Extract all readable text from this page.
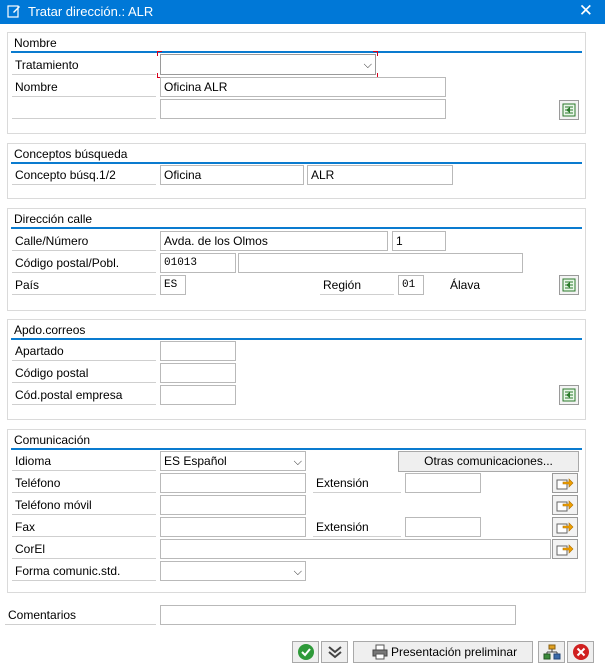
Tratar dirección.: ALR	✕
Nombre
Tratamiento	⌵
Nombre	Oficina ALR
Conceptos búsqueda
Concepto búsq.1/2	Oficina	ALR
Dirección calle
Calle/Número	Avda. de los Olmos	1
Código postal/Pobl.	01013
País	ES	Región	01	Álava
Apdo.correos
Apartado
Código postal
Cód.postal empresa
Comunicación
Idioma	ES Español	⌵	Otras comunicaciones...
Teléfono	Extensión
Teléfono móvil
Fax	Extensión
CorEl
Forma comunic.std.	⌵
Comentarios
Presentación preliminar
